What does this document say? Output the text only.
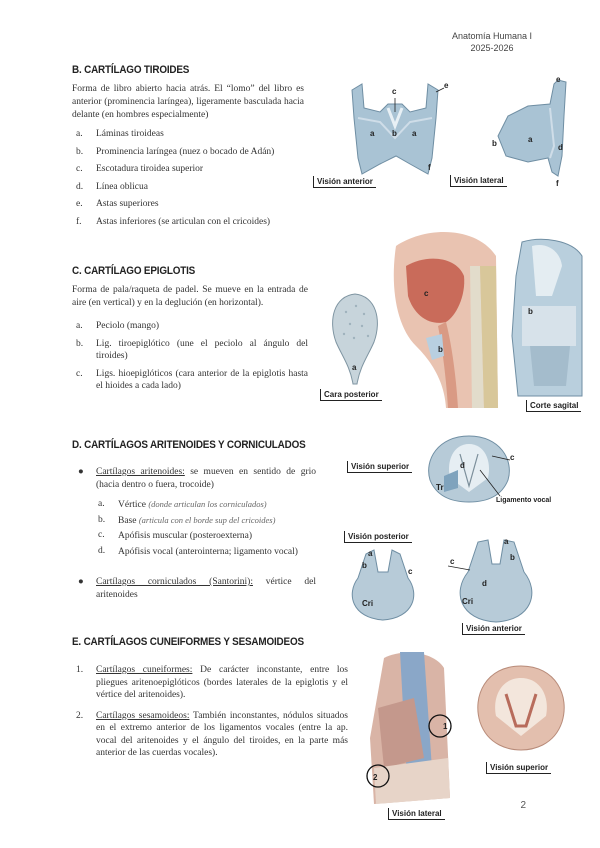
Anatomía Humana I
2025-2026
B. CARTÍLAGO TIROIDES
Forma de libro abierto hacia atrás. El “lomo” del libro es anterior (prominencia laríngea), ligeramente basculada hacia delante (en hombres especialmente)
a. Láminas tiroideas
b. Prominencia laríngea (nuez o bocado de Adán)
c. Escotadura tiroidea superior
d. Línea oblicua
e. Astas superiores
f. Astas inferiores (se articulan con el cricoides)
c
e
a b a
f
Visión anterior
e
a
b	d
f
Visión lateral
C. CARTÍLAGO EPIGLOTIS
Forma de pala/raqueta de padel. Se mueve en la entrada de aire (en vertical) y en la deglución (en horizontal).
a. Peciolo (mango)
b. Lig. tiroepiglótico (une el peciolo al ángulo del tiroides)
c. Ligs. hioepiglóticos (cara anterior de la epiglotis hasta el hioides a cada lado)
a
Cara posterior
c
b
b
Corte sagital
D. CARTÍLAGOS ARITENOIDES Y CORNICULADOS
●	Cartílagos aritenoides: se mueven en sentido de grio (hacia dentro o fuera, trocoide)
a. Vértice (donde articulan los corniculados)
b. Base (articula con el borde sup del cricoides)
c. Apófisis muscular (posteroexterna)
d. Apófisis vocal (anterointerna; ligamento vocal)
●	Cartílagos corniculados (Santorini): vértice del aritenoides
d
c
Tr
Visión superior
Ligamento vocal
a
b
c
Cri
Visión posterior
a
b
c
d
Cri
Visión anterior
E. CARTÍLAGOS CUNEIFORMES Y SESAMOIDEOS
1. Cartílagos cuneiformes: De carácter inconstante, entre los pliegues aritenoepiglóticos (bordes laterales de la epiglotis y el vértice del aritenoides).
2. Cartílagos sesamoideos: También inconstantes, nódulos situados en el extremo anterior de los ligamentos vocales (entre la ap. vocal del aritenoides y el ángulo del tiroides, en la parte más anterior de las cuerdas vocales).
1
2
Visión lateral
Visión superior
2
